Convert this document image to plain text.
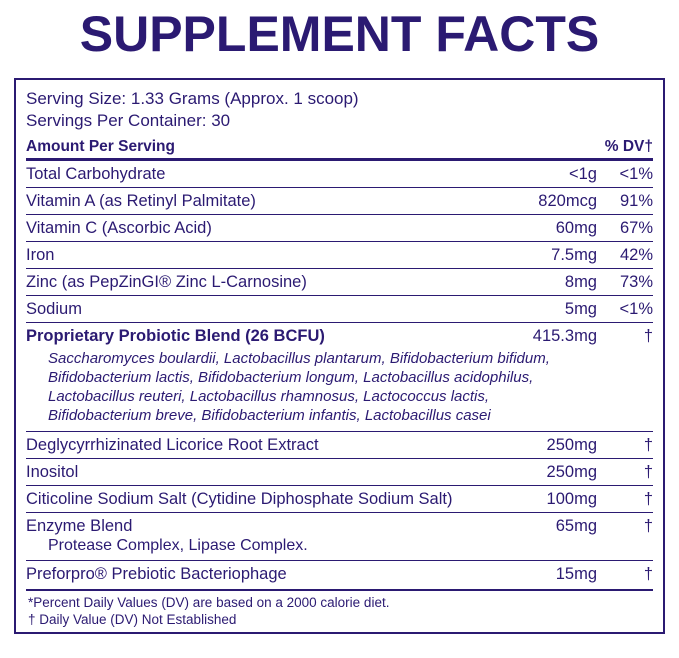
SUPPLEMENT FACTS
Serving Size: 1.33 Grams (Approx. 1 scoop)
Servings Per Container: 30
Amount Per Serving	% DV†
Total Carbohydrate	<1g	<1%
Vitamin A (as Retinyl Palmitate)	820mcg	91%
Vitamin C (Ascorbic Acid)	60mg	67%
Iron	7.5mg	42%
Zinc (as PepZinGI® Zinc L-Carnosine)	8mg	73%
Sodium	5mg	<1%
Proprietary Probiotic Blend (26 BCFU)	415.3mg	†

Saccharomyces boulardii, Lactobacillus plantarum, Bifidobacterium bifidum, Bifidobacterium lactis, Bifidobacterium longum, Lactobacillus acidophilus, Lactobacillus reuteri, Lactobacillus rhamnosus, Lactococcus lactis, Bifidobacterium breve, Bifidobacterium infantis, Lactobacillus casei		

Deglycyrrhizinated Licorice Root Extract	250mg	†
Inositol	250mg	†
Citicoline Sodium Salt (Cytidine Diphosphate Sodium Salt)	100mg	†
Enzyme Blend	65mg	†

Protease Complex, Lipase Complex.		

Preforpro® Prebiotic Bacteriophage	15mg	†
*Percent Daily Values (DV) are based on a 2000 calorie diet.
† Daily Value (DV) Not Established
